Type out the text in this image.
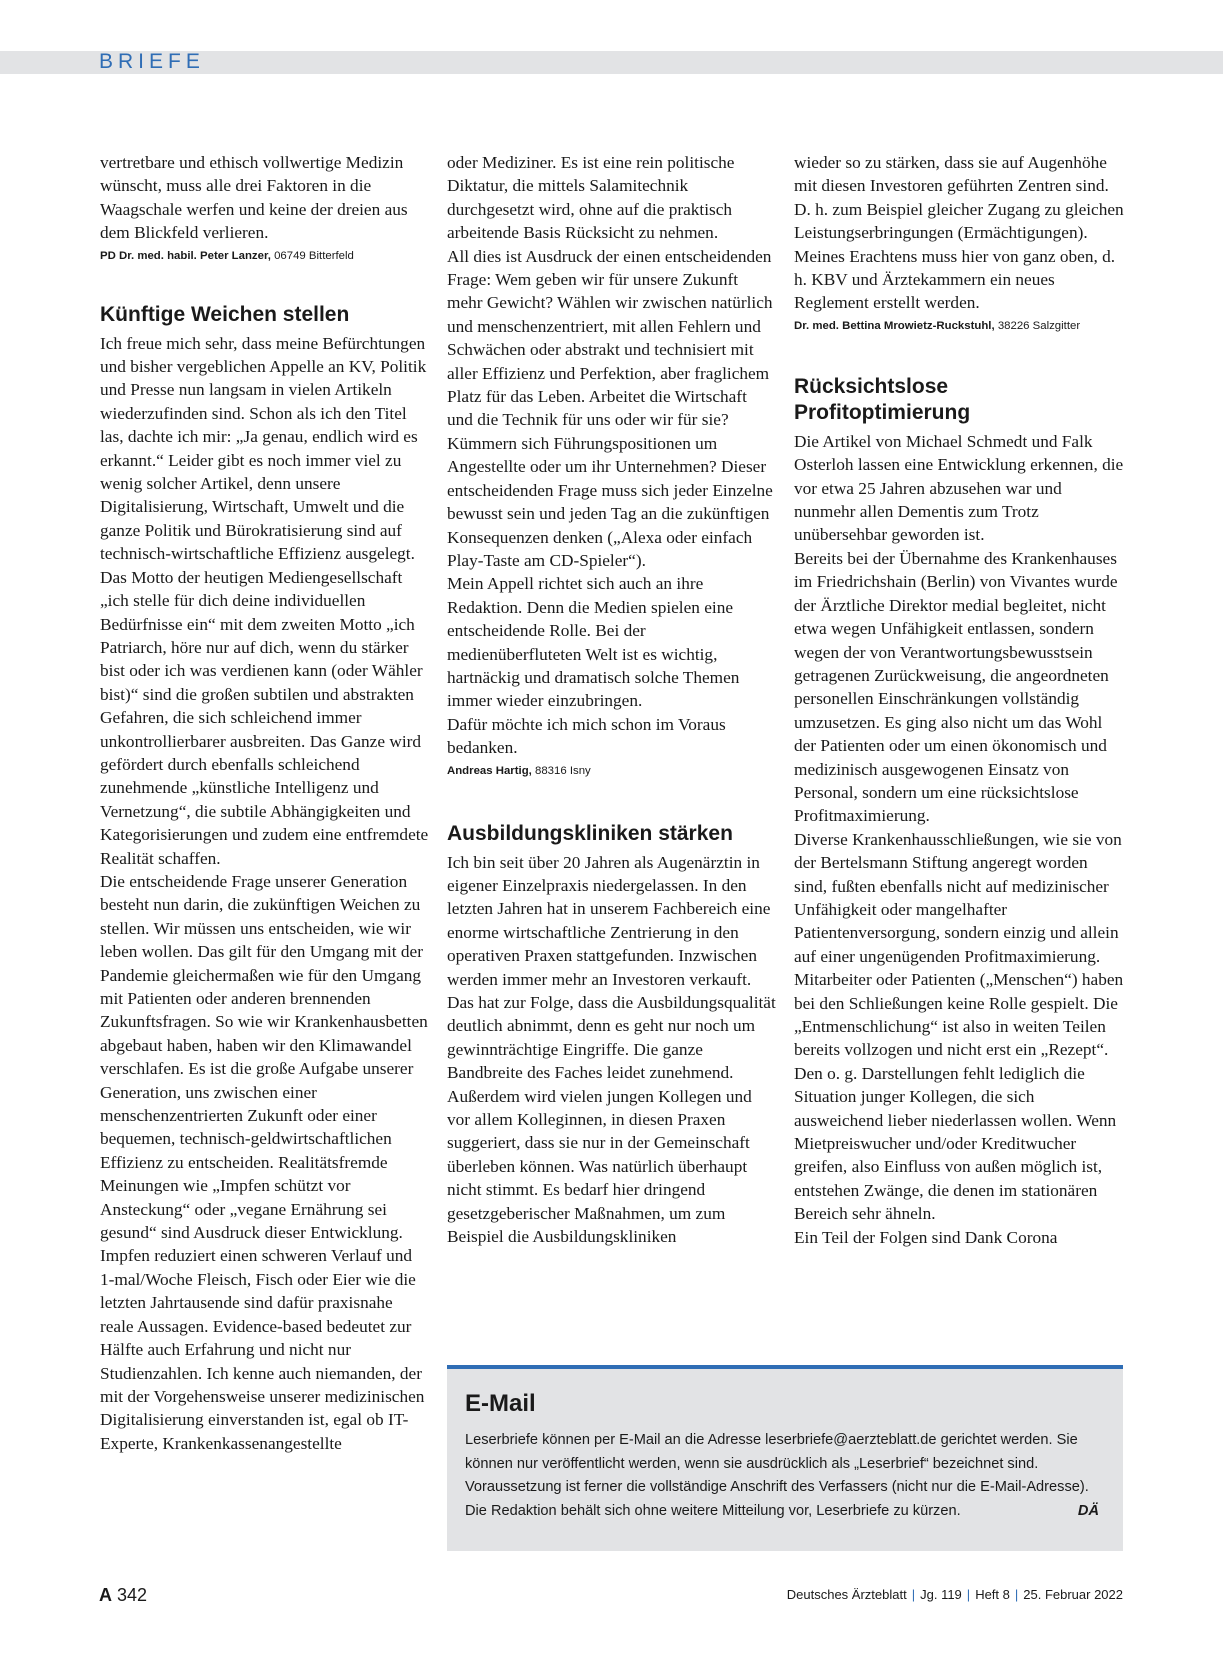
BRIEFE

vertretbare und ethisch vollwertige Medizin wünscht, muss alle drei Faktoren in die Waagschale werfen und keine der dreien aus dem Blickfeld verlieren.

PD Dr. med. habil. Peter Lanzer, 06749 Bitterfeld
Künftige Weichen stellen

Ich freue mich sehr, dass meine Befürchtungen und bisher vergeblichen Appelle an KV, Politik und Presse nun langsam in vielen Artikeln wiederzufinden sind. Schon als ich den Titel las, dachte ich mir: „Ja genau, endlich wird es erkannt.“ Leider gibt es noch immer viel zu wenig solcher Artikel, denn unsere Digitalisierung, Wirtschaft, Umwelt und die ganze Politik und Bürokratisierung sind auf technisch-wirtschaftliche Effizienz ausgelegt.

Das Motto der heutigen Mediengesellschaft „ich stelle für dich deine individuellen Bedürfnisse ein“ mit dem zweiten Motto „ich Patriarch, höre nur auf dich, wenn du stärker bist oder ich was verdienen kann (oder Wähler bist)“ sind die großen subtilen und abstrakten Gefahren, die sich schleichend immer unkontrollierbarer ausbreiten. Das Ganze wird gefördert durch ebenfalls schleichend zunehmende „künstliche Intelligenz und Vernetzung“, die subtile Abhängigkeiten und Kategorisierungen und zudem eine entfremdete Realität schaffen.

Die entscheidende Frage unserer Generation besteht nun darin, die zukünftigen Weichen zu stellen. Wir müssen uns entscheiden, wie wir leben wollen. Das gilt für den Umgang mit der Pandemie gleichermaßen wie für den Umgang mit Patienten oder anderen brennenden Zukunftsfragen. So wie wir Krankenhausbetten abgebaut haben, haben wir den Klimawandel verschlafen. Es ist die große Aufgabe unserer Generation, uns zwischen einer menschenzentrierten Zukunft oder einer bequemen, technisch-geldwirtschaftlichen Effizienz zu entscheiden. Realitätsfremde Meinungen wie „Impfen schützt vor Ansteckung“ oder „vegane Ernährung sei gesund“ sind Ausdruck dieser Entwicklung. Impfen reduziert einen schweren Verlauf und 1-mal/Woche Fleisch, Fisch oder Eier wie die letzten Jahrtausende sind dafür praxisnahe reale Aussagen. Evidence-based bedeutet zur Hälfte auch Erfahrung und nicht nur Studienzahlen. Ich kenne auch niemanden, der mit der Vorgehensweise unserer medizinischen Digitalisierung einverstanden ist, egal ob IT-Experte, Krankenkassenangestellte

oder Mediziner. Es ist eine rein politische Diktatur, die mittels Salamitechnik durchgesetzt wird, ohne auf die praktisch arbeitende Basis Rücksicht zu nehmen.

All dies ist Ausdruck der einen entscheidenden Frage: Wem geben wir für unsere Zukunft mehr Gewicht? Wählen wir zwischen natürlich und menschenzentriert, mit allen Fehlern und Schwächen oder abstrakt und technisiert mit aller Effizienz und Perfektion, aber fraglichem Platz für das Leben. Arbeitet die Wirtschaft und die Technik für uns oder wir für sie? Kümmern sich Führungspositionen um Angestellte oder um ihr Unternehmen? Dieser entscheidenden Frage muss sich jeder Einzelne bewusst sein und jeden Tag an die zukünftigen Konsequenzen denken („Alexa oder einfach Play-Taste am CD-Spieler“).

Mein Appell richtet sich auch an ihre Redaktion. Denn die Medien spielen eine entscheidende Rolle. Bei der medienüberfluteten Welt ist es wichtig, hartnäckig und dramatisch solche Themen immer wieder einzubringen.

Dafür möchte ich mich schon im Voraus bedanken.

Andreas Hartig, 88316 Isny
Ausbildungskliniken stärken

Ich bin seit über 20 Jahren als Augenärztin in eigener Einzelpraxis niedergelassen. In den letzten Jahren hat in unserem Fachbereich eine enorme wirtschaftliche Zentrierung in den operativen Praxen stattgefunden. Inzwischen werden immer mehr an Investoren verkauft. Das hat zur Folge, dass die Ausbildungsqualität deutlich abnimmt, denn es geht nur noch um gewinnträchtige Eingriffe. Die ganze Bandbreite des Faches leidet zunehmend. Außerdem wird vielen jungen Kollegen und vor allem Kolleginnen, in diesen Praxen suggeriert, dass sie nur in der Gemeinschaft überleben können. Was natürlich überhaupt nicht stimmt. Es bedarf hier dringend gesetzgeberischer Maßnahmen, um zum Beispiel die Ausbildungskliniken

wieder so zu stärken, dass sie auf Augenhöhe mit diesen Investoren geführten Zentren sind. D. h. zum Beispiel gleicher Zugang zu gleichen Leistungserbringungen (Ermächtigungen).

Meines Erachtens muss hier von ganz oben, d. h. KBV und Ärztekammern ein neues Reglement erstellt werden.

Dr. med. Bettina Mrowietz-Ruckstuhl, 38226 Salzgitter
Rücksichtslose Profitoptimierung

Die Artikel von Michael Schmedt und Falk Osterloh lassen eine Entwicklung erkennen, die vor etwa 25 Jahren abzusehen war und nunmehr allen Dementis zum Trotz unübersehbar geworden ist.

Bereits bei der Übernahme des Krankenhauses im Friedrichshain (Berlin) von Vivantes wurde der Ärztliche Direktor medial begleitet, nicht etwa wegen Unfähigkeit entlassen, sondern wegen der von Verantwortungsbewusstsein getragenen Zurückweisung, die angeordneten personellen Einschränkungen vollständig umzusetzen. Es ging also nicht um das Wohl der Patienten oder um einen ökonomisch und medizinisch ausgewogenen Einsatz von Personal, sondern um eine rücksichtslose Profitmaximierung.

Diverse Krankenhausschließungen, wie sie von der Bertelsmann Stiftung angeregt worden sind, fußten ebenfalls nicht auf medizinischer Unfähigkeit oder mangelhafter Patientenversorgung, sondern einzig und allein auf einer ungenügenden Profitmaximierung. Mitarbeiter oder Patienten („Menschen“) haben bei den Schließungen keine Rolle gespielt. Die „Entmenschlichung“ ist also in weiten Teilen bereits vollzogen und nicht erst ein „Rezept“.

Den o. g. Darstellungen fehlt lediglich die Situation junger Kollegen, die sich ausweichend lieber niederlassen wollen. Wenn Mietpreiswucher und/oder Kreditwucher greifen, also Einfluss von außen möglich ist, entstehen Zwänge, die denen im stationären Bereich sehr ähneln.

Ein Teil der Folgen sind Dank Corona

E-Mail

Leserbriefe können per E-Mail an die Adresse leserbriefe@aerzteblatt.de gerichtet werden. Sie können nur veröffentlicht werden, wenn sie ausdrücklich als „Leserbrief“ bezeichnet sind. Voraussetzung ist ferner die vollständige Anschrift des Verfassers (nicht nur die E-Mail-Adresse). Die Redaktion behält sich ohne weitere Mitteilung vor, Leserbriefe zu kürzen.	DÄ

A 342	Deutsches Ärzteblatt | Jg. 119 | Heft 8 | 25. Februar 2022
